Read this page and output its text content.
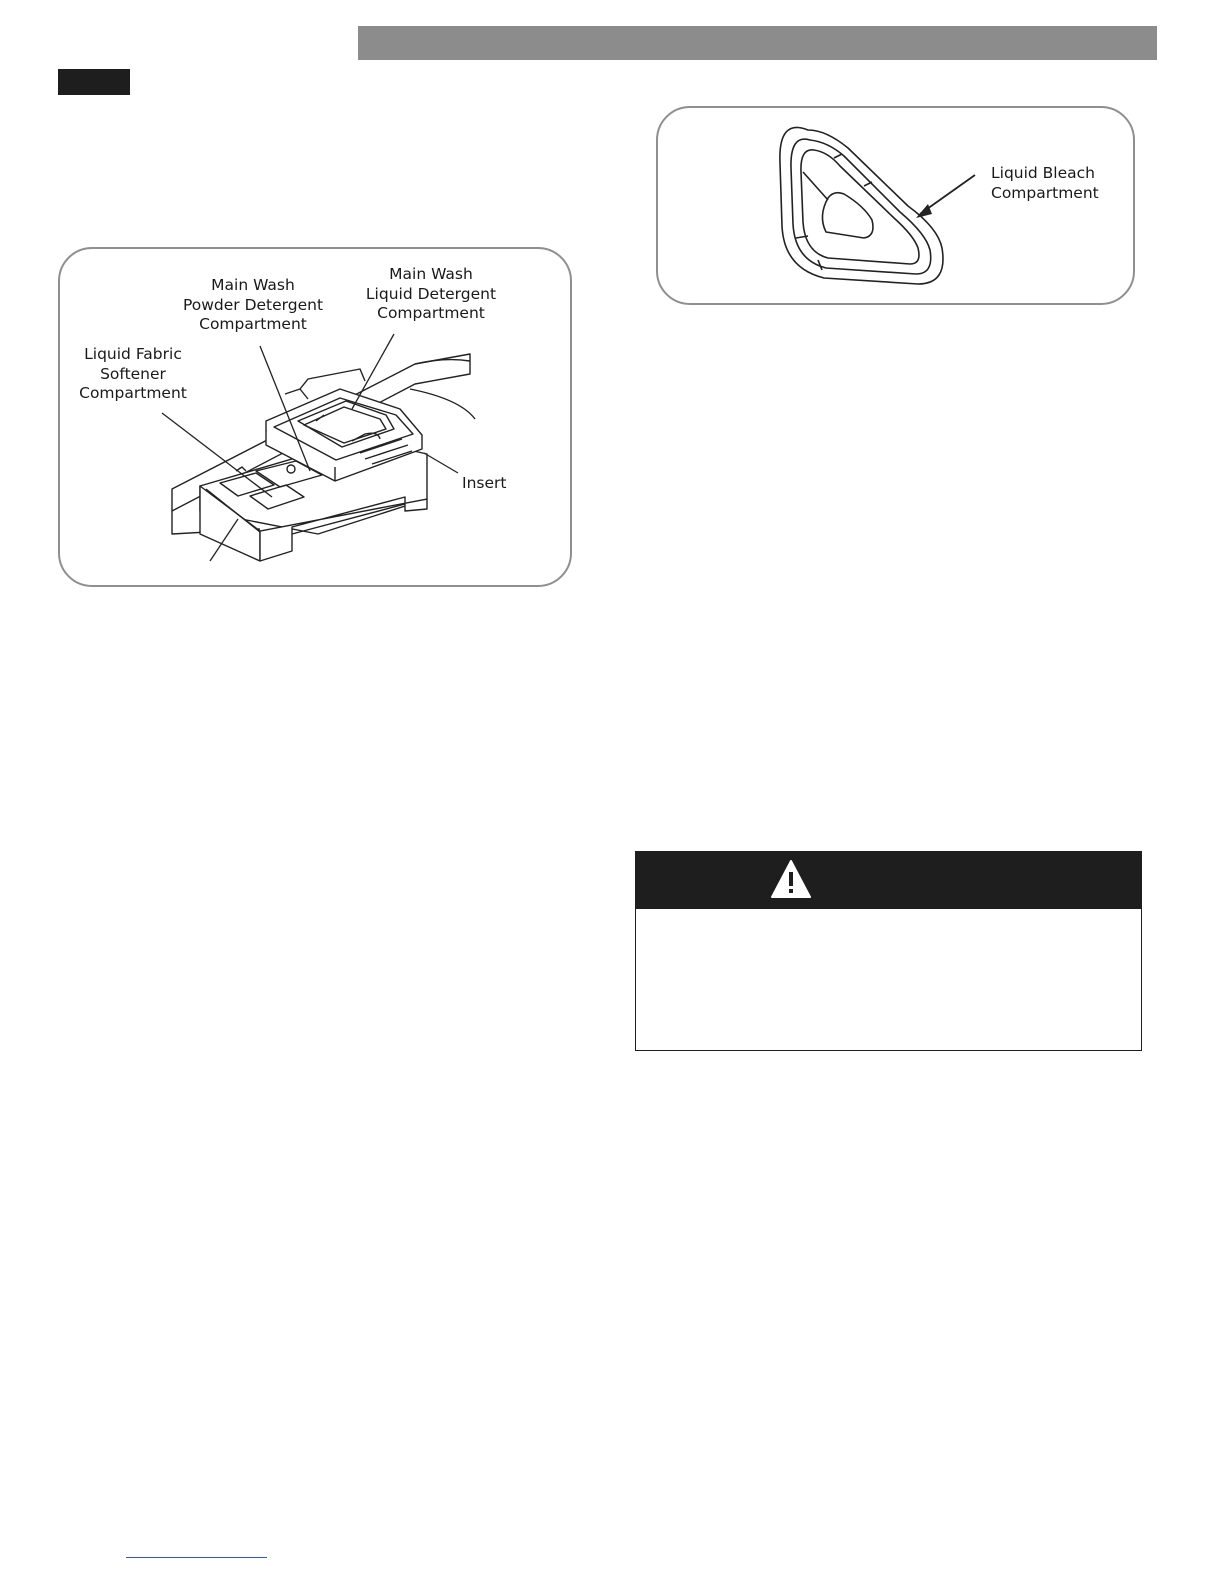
Main Wash
Powder Detergent
Compartment
Main Wash
Liquid Detergent
Compartment
Liquid Fabric
Softener
Compartment
Insert
Liquid Bleach
Compartment
